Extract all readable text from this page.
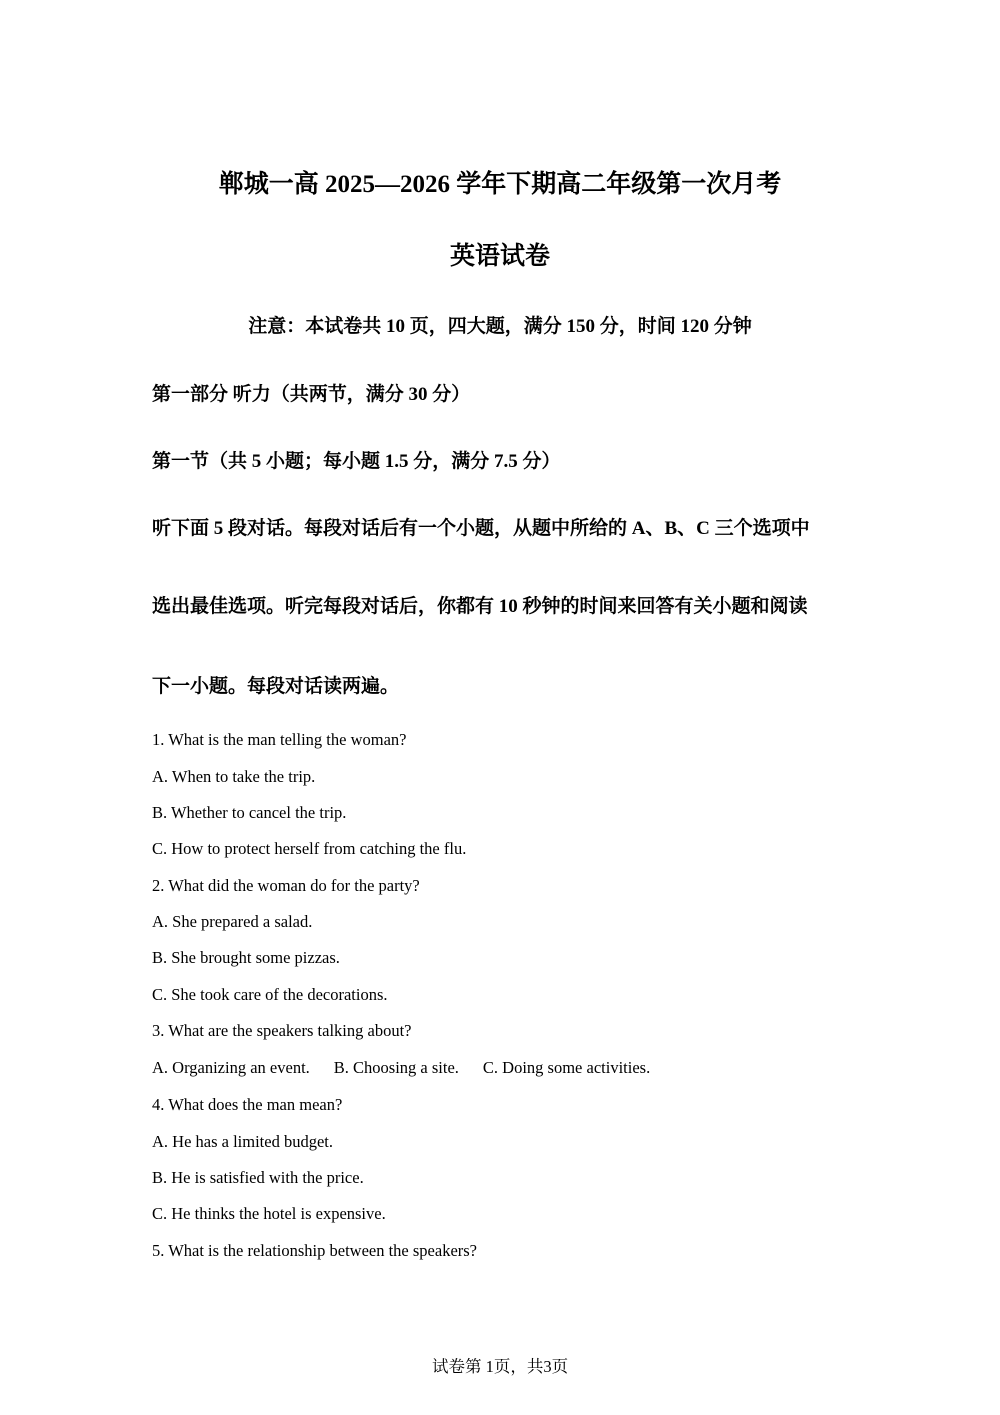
郸城一高 2025—2026 学年下期高二年级第一次月考
英语试卷
注意：本试卷共 10 页，四大题，满分 150 分，时间 120 分钟
第一部分 听力（共两节，满分 30 分）
第一节（共 5 小题；每小题 1.5 分，满分 7.5 分）
听下面 5 段对话。每段对话后有一个小题，从题中所给的 A、B、C 三个选项中
选出最佳选项。听完每段对话后，你都有 10 秒钟的时间来回答有关小题和阅读
下一小题。每段对话读两遍。
1. What is the man telling the woman?
A. When to take the trip.
B. Whether to cancel the trip.
C. How to protect herself from catching the flu.
2. What did the woman do for the party?
A. She prepared a salad.
B. She brought some pizzas.
C. She took care of the decorations.
3. What are the speakers talking about?
A. Organizing an event. B. Choosing a site. C. Doing some activities.
4. What does the man mean?
A. He has a limited budget.
B. He is satisfied with the price.
C. He thinks the hotel is expensive.
5. What is the relationship between the speakers?
试卷第 1页，共3页
